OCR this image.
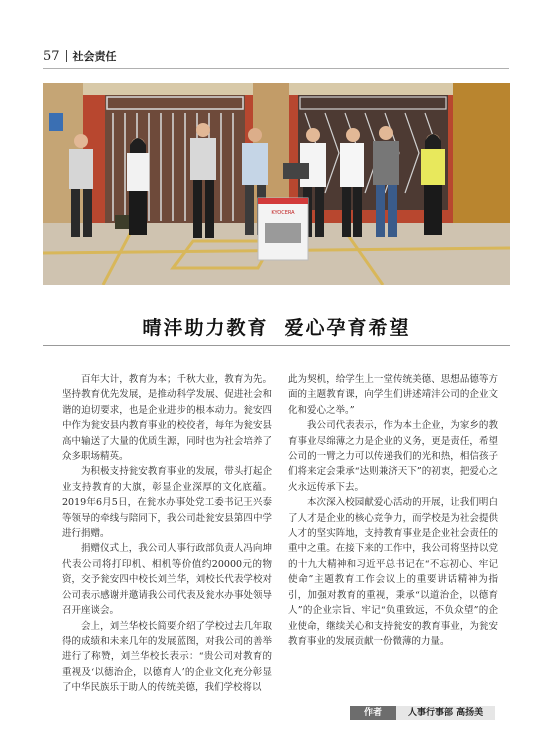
57 社会责任
KYOCERA
晴沣助力教育 爱心孕育希望

百年大计，教育为本；千秋大业，教育为先。坚持教育优先发展，是推动科学发展、促进社会和谐的迫切要求，也是企业进步的根本动力。瓮安四中作为瓮安县内教育事业的校佼者，每年为瓮安县高中输送了大量的优质生源，同时也为社会培养了众多职场精英。

为积极支持瓮安教育事业的发展，带头打起企业支持教育的大旗，彰显企业深厚的文化底蕴。2019年6月5日，在瓮水办事处党工委书记王兴泰等领导的牵线与陪同下，我公司赴瓮安县第四中学进行捐赠。

捐赠仪式上，我公司人事行政部负责人冯向坤代表公司将打印机、相机等价值约20000元的物资，交予瓮安四中校长刘兰华，刘校长代表学校对公司表示感谢并邀请我公司代表及瓮水办事处领导召开座谈会。

会上，刘兰华校长简要介绍了学校过去几年取得的成绩和未来几年的发展蓝图，对我公司的善举进行了称赞，刘兰华校长表示：“贵公司对教育的重视及‘以德治企，以德育人’的企业文化充分彰显了中华民族乐于助人的传统美德，我们学校将以

此为契机，给学生上一堂传统美德、思想品德等方面的主题教育课，向学生们讲述靖沣公司的企业文化和爱心之举。”

我公司代表表示，作为本土企业，为家乡的教育事业尽绵薄之力是企业的义务，更是责任，希望公司的一臂之力可以传递我们的光和热，相信孩子们将来定会秉承“达则兼济天下”的初衷，把爱心之火永远传承下去。

本次深入校园献爱心活动的开展，让我们明白了人才是企业的核心竞争力，而学校是为社会提供人才的坚实阵地，支持教育事业是企业社会责任的重中之重。在接下来的工作中，我公司将坚持以党的十九大精神和习近平总书记在“不忘初心、牢记使命”主题教育工作会议上的重要讲话精神为指引，加强对教育的重视，秉承“以道治企，以德育人”的企业宗旨、牢记“负重致远，不负众望”的企业使命，继续关心和支持瓮安的教育事业，为瓮安教育事业的发展贡献一份微薄的力量。

作者	人事行事部 高扬美
